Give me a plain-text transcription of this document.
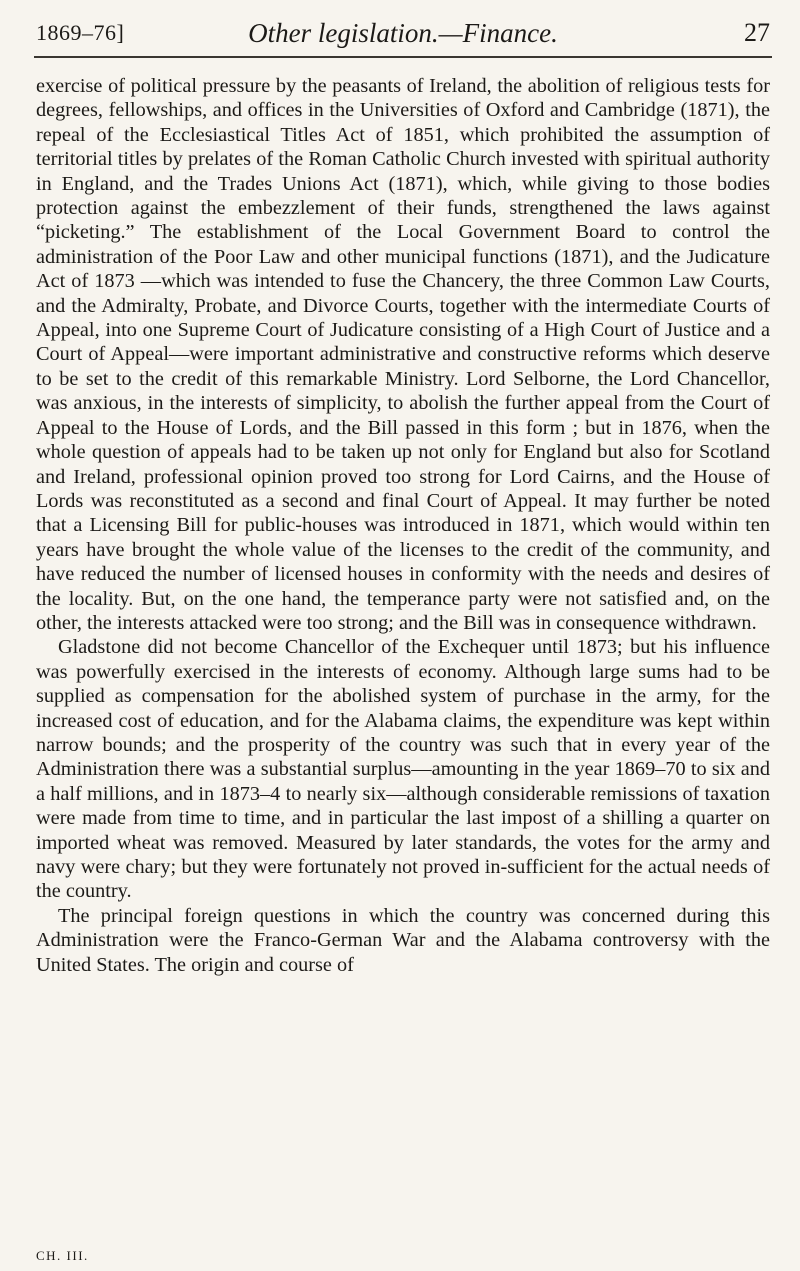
1869–76]	Other legislation.—Finance.	27

exercise of political pressure by the peasants of Ireland, the abolition of religious tests for degrees, fellowships, and offices in the Universities of Oxford and Cambridge (1871), the repeal of the Ecclesiastical Titles Act of 1851, which prohibited the assumption of territorial titles by prelates of the Roman Catholic Church invested with spiritual authority in England, and the Trades Unions Act (1871), which, while giving to those bodies protection against the embezzlement of their funds, strengthened the laws against “picketing.” The establishment of the Local Government Board to control the administration of the Poor Law and other municipal functions (1871), and the Judicature Act of 1873 —which was intended to fuse the Chancery, the three Common Law Courts, and the Admiralty, Probate, and Divorce Courts, together with the intermediate Courts of Appeal, into one Supreme Court of Judicature consisting of a High Court of Justice and a Court of Appeal—were important administrative and constructive reforms which deserve to be set to the credit of this remarkable Ministry. Lord Selborne, the Lord Chancellor, was anxious, in the interests of simplicity, to abolish the further appeal from the Court of Appeal to the House of Lords, and the Bill passed in this form ; but in 1876, when the whole question of appeals had to be taken up not only for England but also for Scotland and Ireland, professional opinion proved too strong for Lord Cairns, and the House of Lords was reconstituted as a second and final Court of Appeal. It may further be noted that a Licensing Bill for public-houses was introduced in 1871, which would within ten years have brought the whole value of the licenses to the credit of the community, and have reduced the number of licensed houses in conformity with the needs and desires of the locality. But, on the one hand, the temperance party were not satisfied and, on the other, the interests attacked were too strong; and the Bill was in consequence withdrawn.

Gladstone did not become Chancellor of the Exchequer until 1873; but his influence was powerfully exercised in the interests of economy. Although large sums had to be supplied as compensation for the abolished system of purchase in the army, for the increased cost of education, and for the Alabama claims, the expenditure was kept within narrow bounds; and the prosperity of the country was such that in every year of the Administration there was a substantial surplus—amounting in the year 1869–70 to six and a half millions, and in 1873–4 to nearly six—although considerable remissions of taxation were made from time to time, and in particular the last impost of a shilling a quarter on imported wheat was removed. Measured by later standards, the votes for the army and navy were chary; but they were fortunately not proved in-sufficient for the actual needs of the country.

The principal foreign questions in which the country was concerned during this Administration were the Franco-German War and the Alabama controversy with the United States. The origin and course of

CH. III.
